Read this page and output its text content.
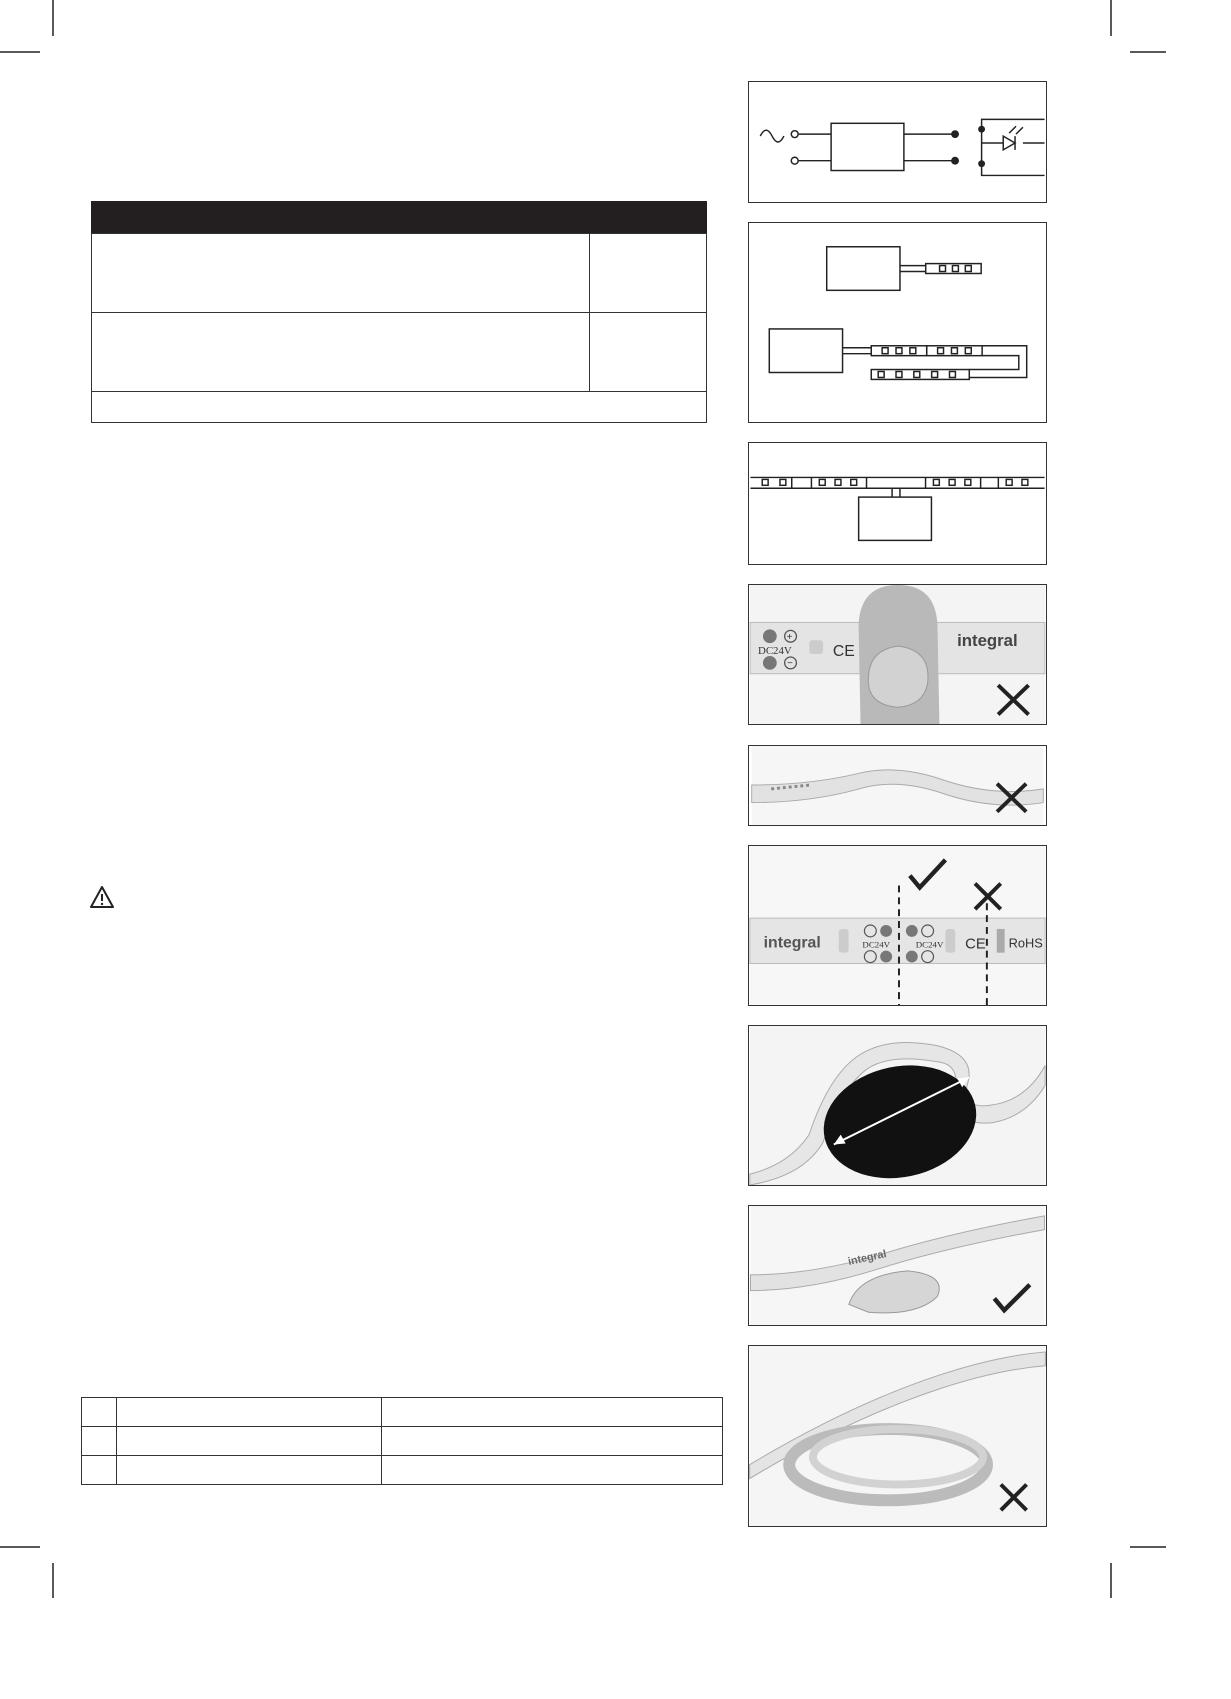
+
−
DC24V	CE
integral
integral	DC24V	DC24V CE RoHS
integral
